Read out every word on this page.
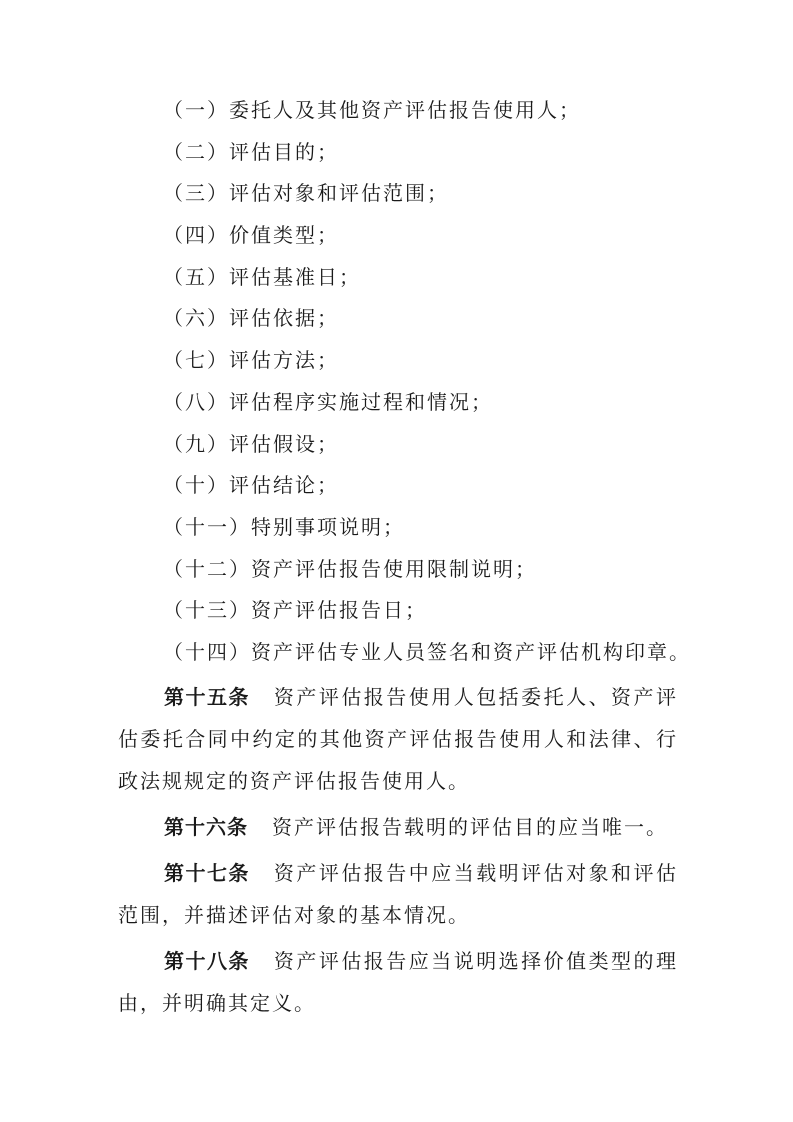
（一）委托人及其他资产评估报告使用人；
（二）评估目的；
（三）评估对象和评估范围；
（四）价值类型；
（五）评估基准日；
（六）评估依据；
（七）评估方法；
（八）评估程序实施过程和情况；
（九）评估假设；
（十）评估结论；
（十一）特别事项说明；
（十二）资产评估报告使用限制说明；
（十三）资产评估报告日；
（十四）资产评估专业人员签名和资产评估机构印章。

第十五条 资产评估报告使用人包括委托人、资产评估委托合同中约定的其他资产评估报告使用人和法律、行政法规规定的资产评估报告使用人。

第十六条 资产评估报告载明的评估目的应当唯一。

第十七条 资产评估报告中应当载明评估对象和评估范围，并描述评估对象的基本情况。

第十八条 资产评估报告应当说明选择价值类型的理由，并明确其定义。
